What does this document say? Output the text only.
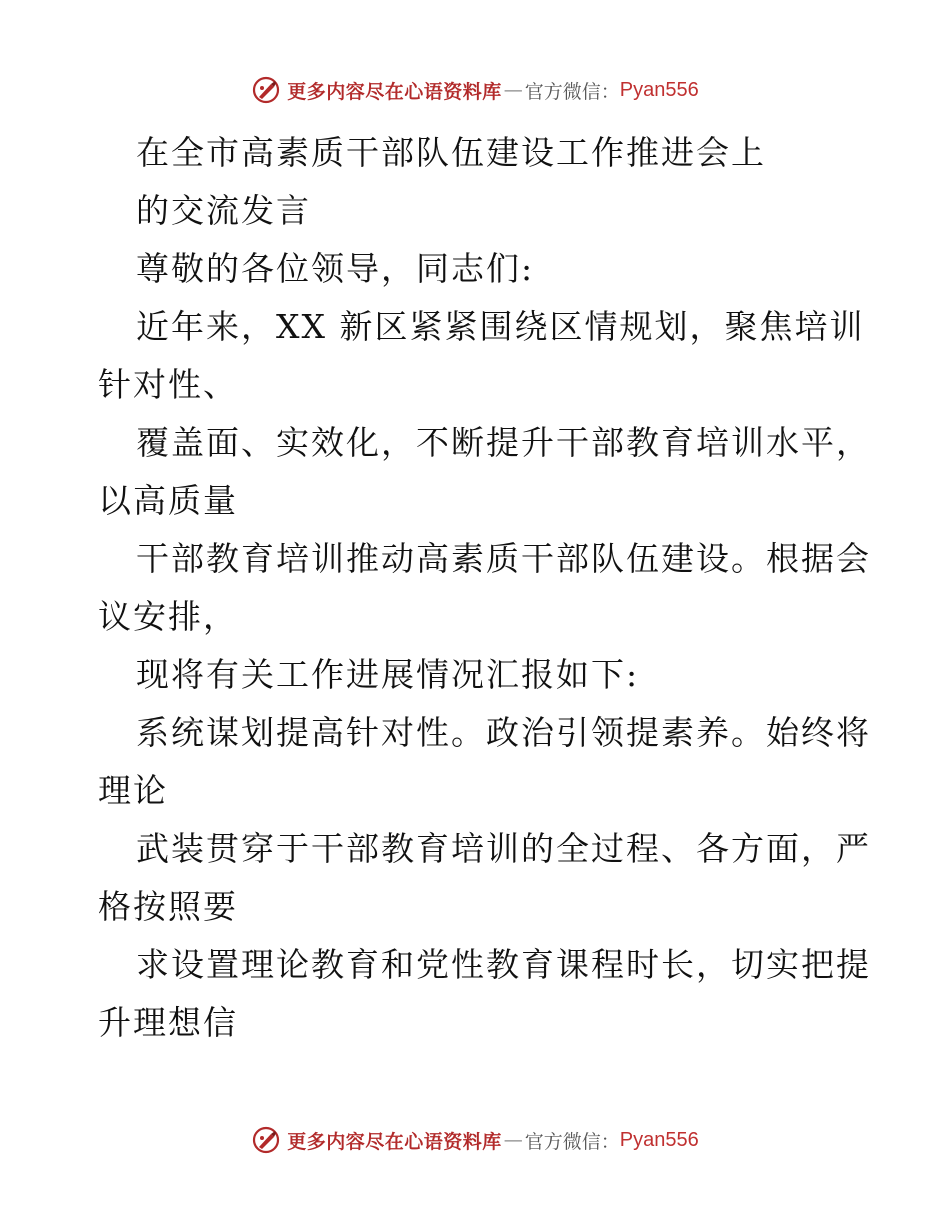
更多内容尽在心语资料库 — 官方微信： Pyan556
在全市高素质干部队伍建设工作推进会上
的交流发言
尊敬的各位领导，同志们:
近年来，XX 新区紧紧围绕区情规划，聚焦培训
针对性、
覆盖面、实效化，不断提升干部教育培训水平，
以高质量
干部教育培训推动高素质干部队伍建设。根据会
议安排，
现将有关工作进展情况汇报如下:
系统谋划提高针对性。政治引领提素养。始终将
理论
武装贯穿于干部教育培训的全过程、各方面，严
格按照要
求设置理论教育和党性教育课程时长，切实把提
升理想信
更多内容尽在心语资料库 — 官方微信： Pyan556
